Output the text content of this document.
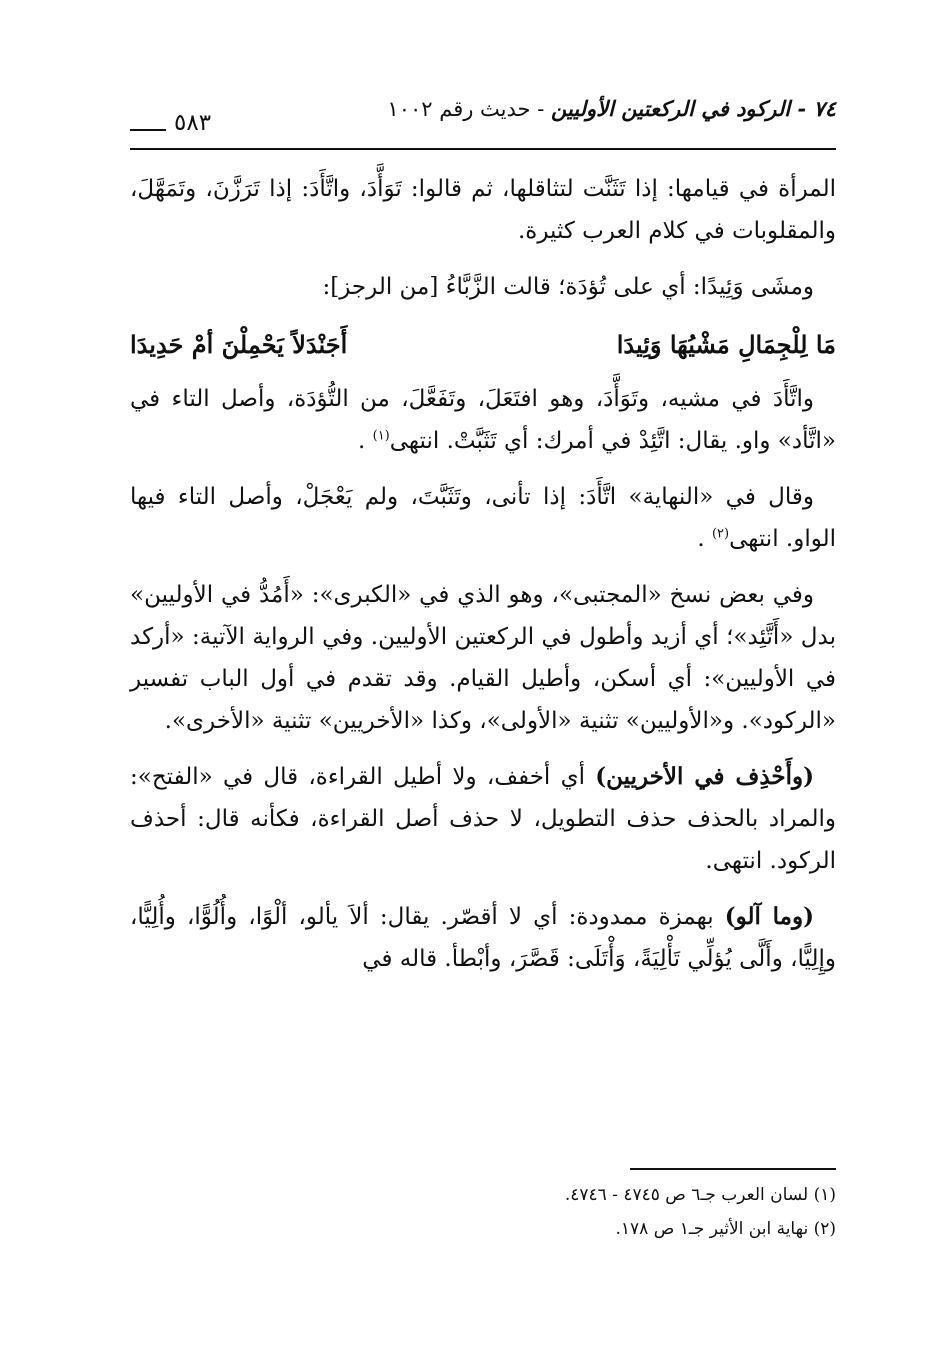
٧٤ - الركود في الركعتين الأوليين - حديث رقم ١٠٠٢
٥٨٣

المرأة في قيامها: إذا تَثَنَّت لتثاقلها، ثم قالوا: تَوَأَّدَ، واتَّأَدَ: إذا تَرَزَّنَ، وتَمَهَّلَ، والمقلوبات في كلام العرب كثيرة.

ومشَى وَئِيدًا: أي على تُؤدَة؛ قالت الزَّبَّاءُ [من الرجز]:

مَا لِلْجِمَالِ مَشْيُهَا وَئِيدَا
أَجَنْدَلاً يَحْمِلْنَ أمْ حَدِيدَا

واتَّأَدَ في مشيه، وتَوَأَّدَ، وهو افتَعَلَ، وتَفَعَّلَ، من التُّؤدَة، وأصل التاء في «اتَّأد» واو. يقال: اتَّئِدْ في أمرك: أي تَثَبَّتْ. انتهى$^{(١)}$ .

وقال في «النهاية» اتَّأَدَ: إذا تأنى، وتَثَبَّتَ، ولم يَعْجَلْ، وأصل التاء فيها الواو. انتهى$^{(٢)}$ .

وفي بعض نسخ «المجتبى»، وهو الذي في «الكبرى»: «أَمُدُّ في الأوليين» بدل «أَتَّئِد»؛ أي أزيد وأطول في الركعتين الأوليين. وفي الرواية الآتية: «أركد في الأوليين»: أي أسكن، وأطيل القيام. وقد تقدم في أول الباب تفسير «الركود». و«الأوليين» تثنية «الأولى»، وكذا «الأخريين» تثنية «الأخرى».

(وأَحْذِف في الأخريين) أي أخفف، ولا أطيل القراءة، قال في «الفتح»: والمراد بالحذف حذف التطويل، لا حذف أصل القراءة، فكأنه قال: أحذف الركود. انتهى.

(وما آلو) بهمزة ممدودة: أي لا أقصّر. يقال: ألاَ يألو، ألْوًا، وأُلُوًّا، وأُلِيًّا، وإِلِيًّا، وأَلَّى يُؤلِّي تَأْلِيَةً، وَأْتَلَى: قَصَّرَ، وأبْطأ. قاله في

(١) لسان العرب جـ٦ ص ٤٧٤٥ - ٤٧٤٦.
(٢) نهاية ابن الأثير جـ١ ص ١٧٨.
